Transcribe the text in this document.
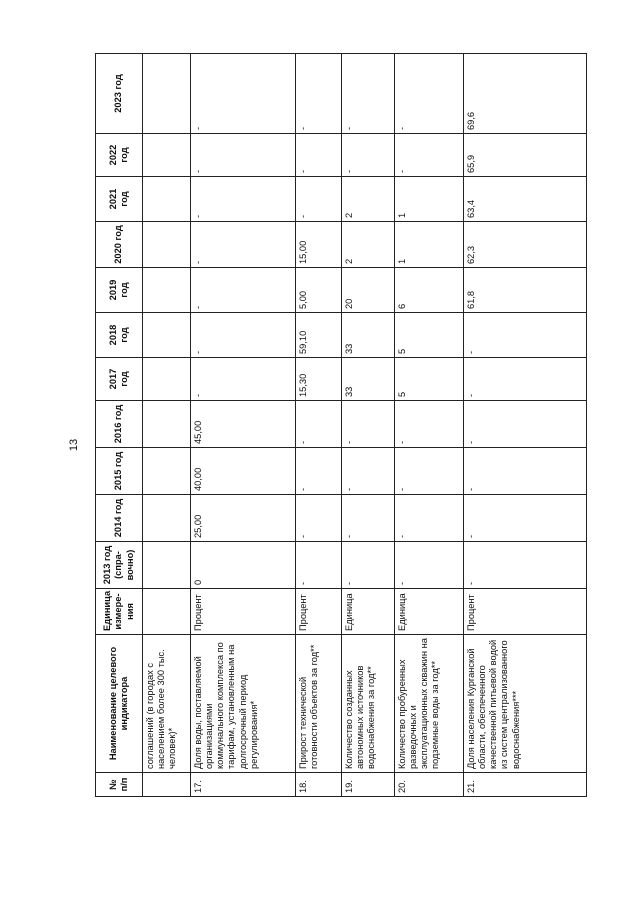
13
№
п/п	Наименование целевого индикатора	Единица измере-ния	2013 год (спра-вочно)	2014 год	2015 год	2016 год	2017 год	2018 год	2019 год	2020 год	2021 год	2022 год	2023 год
	соглашений (в городах с населением более 300 тыс. человек)*												
17.	Доля воды, поставляемой организациями коммунального комплекса по тарифам, установленным на долгосрочный период регулирования*	Процент	0	25,00	40,00	45,00	-	-	-	-	-	-	-
18.	Прирост технической готовности объектов за год**	Процент	-	-	-	-	15,30	59,10	5,00	15,00	-	-	-
19.	Количество созданных автономных источников водоснабжения за год**	Единица	-	-	-	-	33	33	20	2	2	-	-
20.	Количество пробуренных разведочных и эксплуатационных скважин на подземные воды за год**	Единица	-	-	-	-	5	5	6	1	1	-	-
21.	Доля населения Курганской области, обеспеченного качественной питьевой водой из систем централизованного водоснабжения***	Процент	-	-	-	-	-	-	61,8	62,3	63,4	65,9	69,6
